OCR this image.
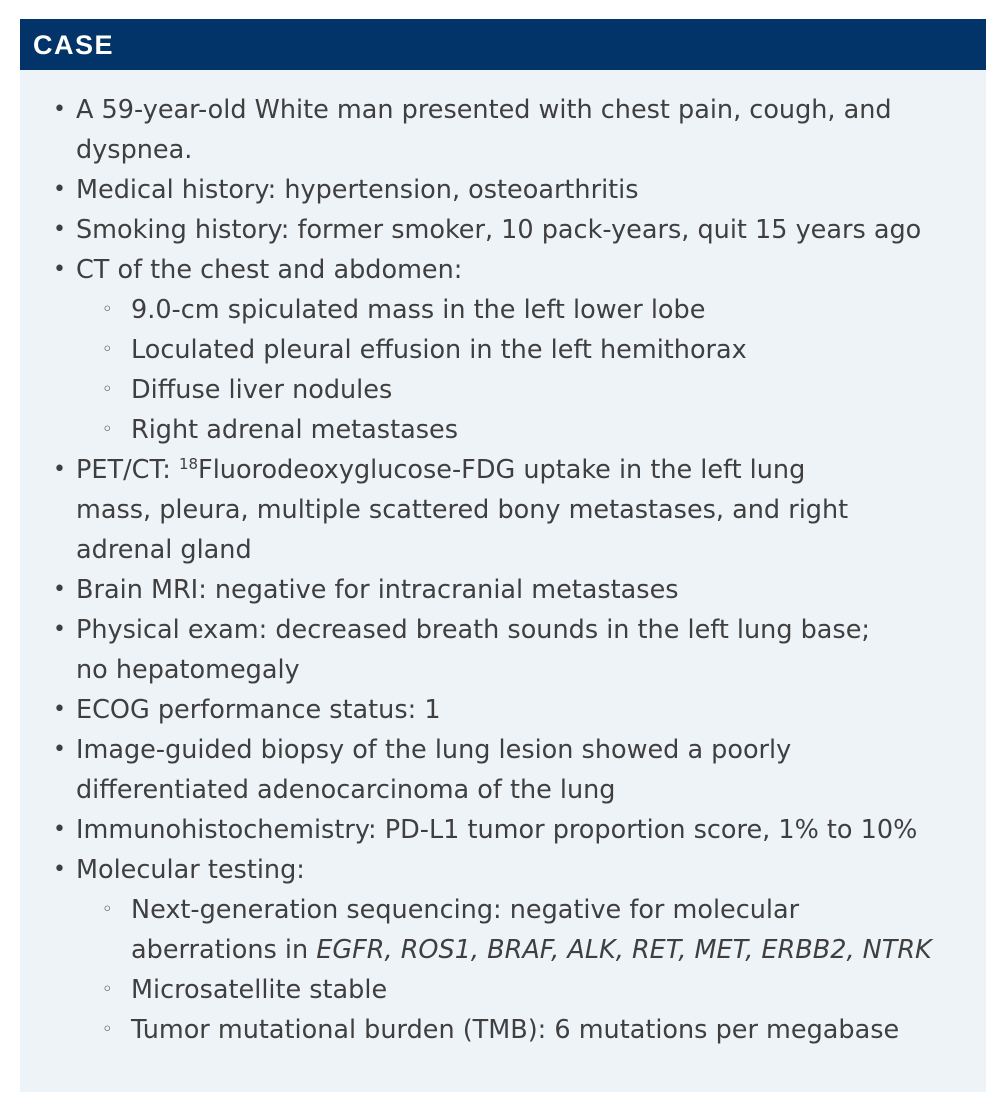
CASE
• A 59-year-old White man presented with chest pain, cough, and
dyspnea.
• Medical history: hypertension, osteoarthritis
• Smoking history: former smoker, 10 pack-years, quit 15 years ago
• CT of the chest and abdomen:
◦ 9.0-cm spiculated mass in the left lower lobe
◦ Loculated pleural effusion in the left hemithorax
◦ Diffuse liver nodules
◦ Right adrenal metastases
• PET/CT: $^{18}$Fluorodeoxyglucose-FDG uptake in the left lung
mass, pleura, multiple scattered bony metastases, and right
adrenal gland
• Brain MRI: negative for intracranial metastases
• Physical exam: decreased breath sounds in the left lung base;
no hepatomegaly
• ECOG performance status: 1
• Image-guided biopsy of the lung lesion showed a poorly
differentiated adenocarcinoma of the lung
• Immunohistochemistry: PD-L1 tumor proportion score, 1% to 10%
• Molecular testing:
◦ Next-generation sequencing: negative for molecular
aberrations in EGFR, ROS1, BRAF, ALK, RET, MET, ERBB2, NTRK
◦ Microsatellite stable
◦ Tumor mutational burden (TMB): 6 mutations per megabase
